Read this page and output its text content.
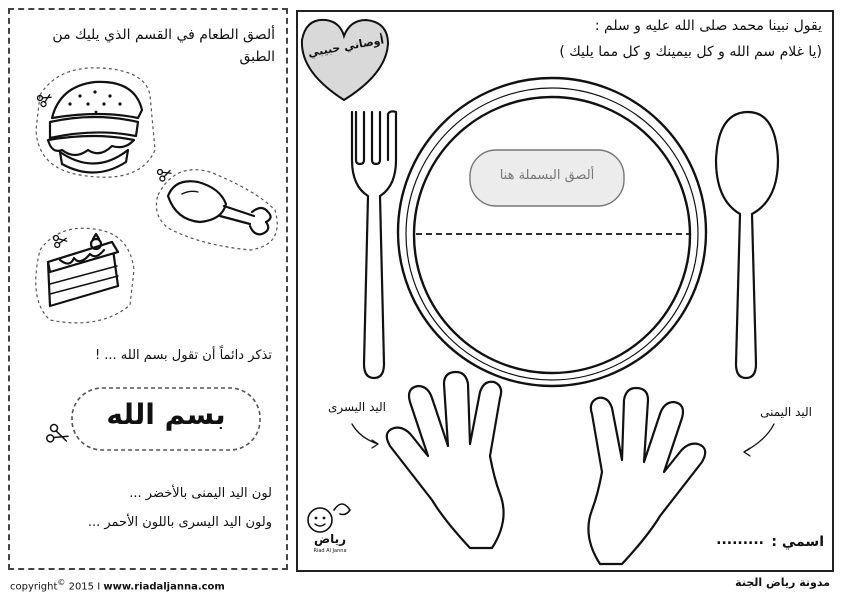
ألصق الطعام في القسم الذي يليك من الطبق
تذكر دائماً أن تقول بسم الله ... !
بسم الله
لون اليد اليمنى بالأخضر ...
ولون اليد اليسرى باللون الأحمر ...
أوصاني حبيبي
يقول نبينا محمد صلى الله عليه و سلم :
(يا غلام سم الله و كل بيمينك و كل مما يليك )
ألصق البسملة هنا
اليد اليسرى	اليد اليمنى
رياض
Riad Al Janna
اسمي :
.........
copyright© 2015 I www.riadaljanna.com	مدونة رياض الجنة
